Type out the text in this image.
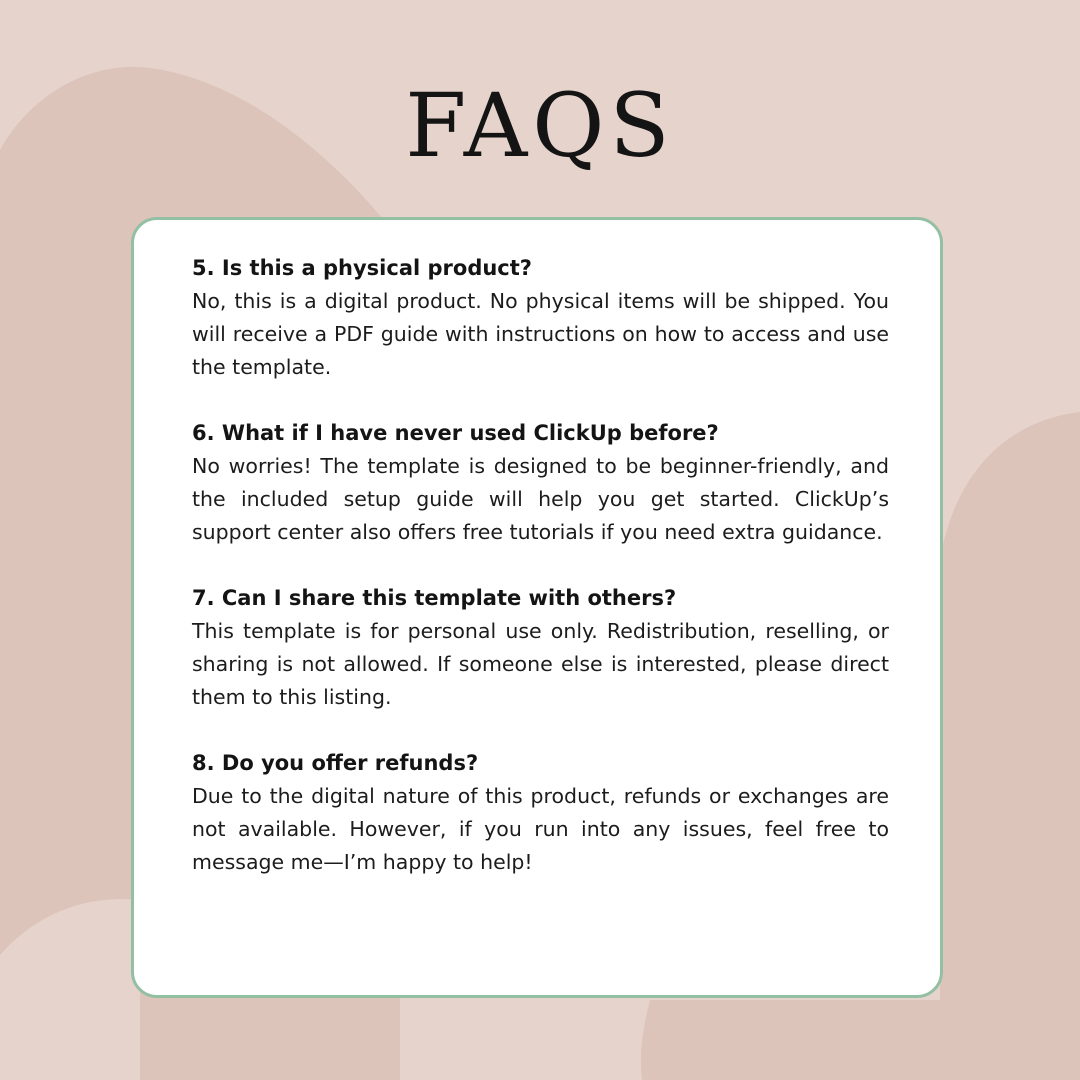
FAQS

5. Is this a physical product?

No, this is a digital product. No physical items will be shipped. You will receive a PDF guide with instructions on how to access and use the template.

6. What if I have never used ClickUp before?

No worries! The template is designed to be beginner-friendly, and the included setup guide will help you get started. ClickUp’s support center also offers free tutorials if you need extra guidance.

7. Can I share this template with others?

This template is for personal use only. Redistribution, reselling, or sharing is not allowed. If someone else is interested, please direct them to this listing.

8. Do you offer refunds?

Due to the digital nature of this product, refunds or exchanges are not available. However, if you run into any issues, feel free to message me—I’m happy to help!
